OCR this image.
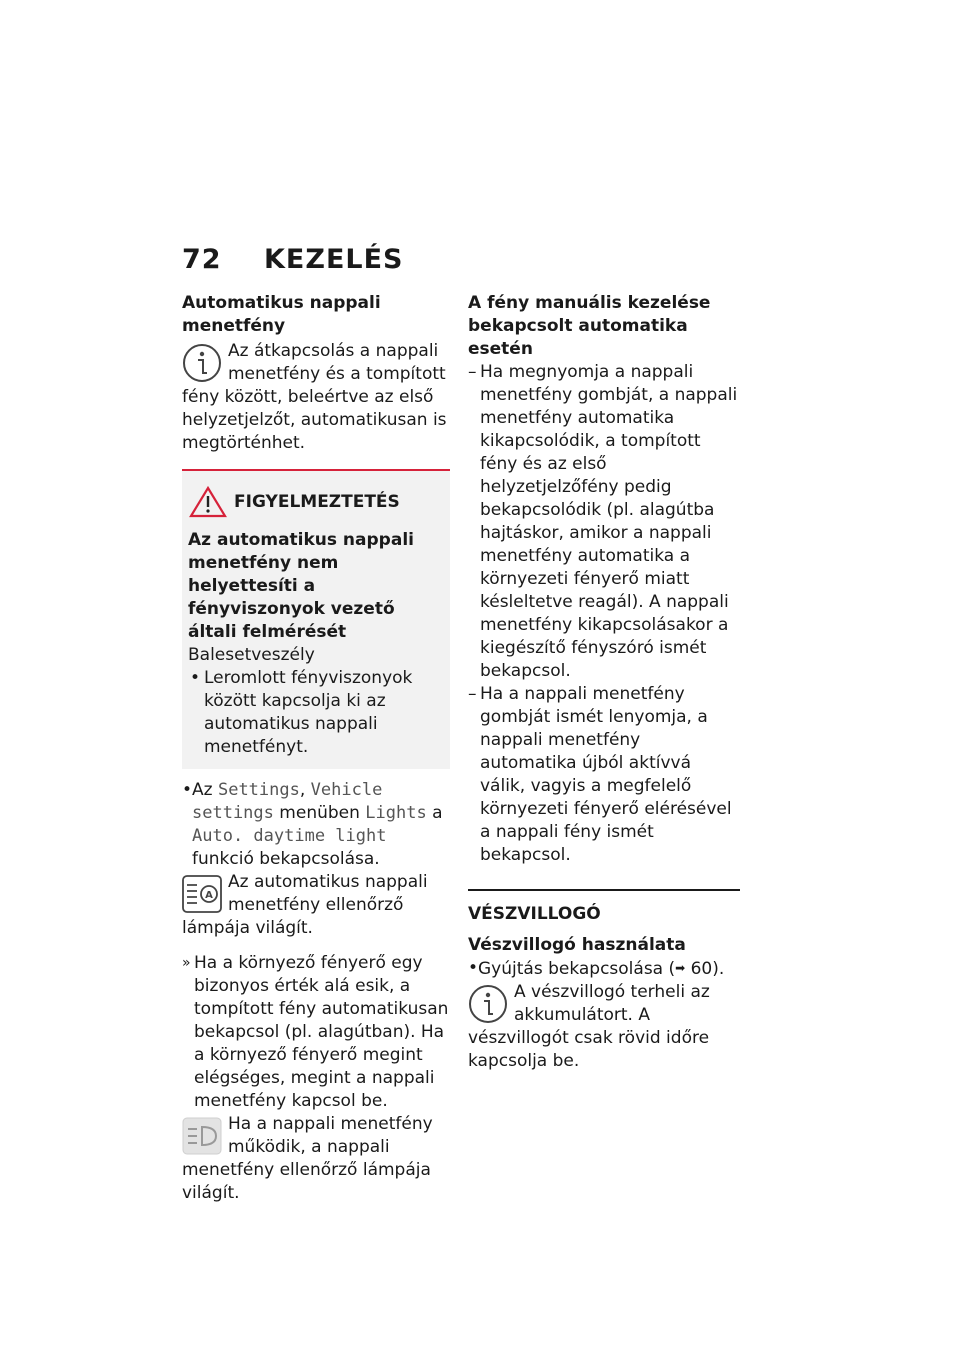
72 KEZELÉS
Automatikus nappali menetfény

Az átkapcsolás a nappali menetfény és a tompított fény között, beleértve az első helyzetjelzőt, automatikusan is megtörténhet.

FIGYELMEZTETÉS
Az automatikus nappali menetfény nem helyettesíti a fényviszonyok vezető általi felmérését

Balesetveszély

• Leromlott fényviszonyok között kapcsolja ki az automatikus nappali menetfényt.
• Az Settings, Vehicle settings menüben Lights a Auto. daytime light funkció bekapcsolása.
A

Az automatikus nappali menetfény ellenőrző lámpája világít.

» Ha a környező fényerő egy bizonyos érték alá esik, a tompított fény automatikusan bekapcsol (pl. alagútban). Ha a környező fényerő megint elégséges, megint a nappali menetfény kapcsol be.

Ha a nappali menetfény működik, a nappali menetfény ellenőrző lámpája világít.

A fény manuális kezelése bekapcsolt automatika esetén
– Ha megnyomja a nappali menetfény gombját, a nappali menetfény automatika kikapcsolódik, a tompított fény és az első helyzetjelzőfény pedig bekapcsolódik (pl. alagútba hajtáskor, amikor a nappali menetfény automatika a környezeti fényerő miatt késleltetve reagál). A nappali menetfény kikapcsolásakor a kiegészítő fényszóró ismét bekapcsol.
– Ha a nappali menetfény gombját ismét lenyomja, a nappali menetfény automatika újból aktívvá válik, vagyis a megfelelő környezeti fényerő elérésével a nappali fény ismét bekapcsol.
VÉSZVILLOGÓ
Vészvillogó használata
• Gyújtás bekapcsolása (➡ 60).

A vészvillogó terheli az akkumulátort. A vészvillogót csak rövid időre kapcsolja be.
